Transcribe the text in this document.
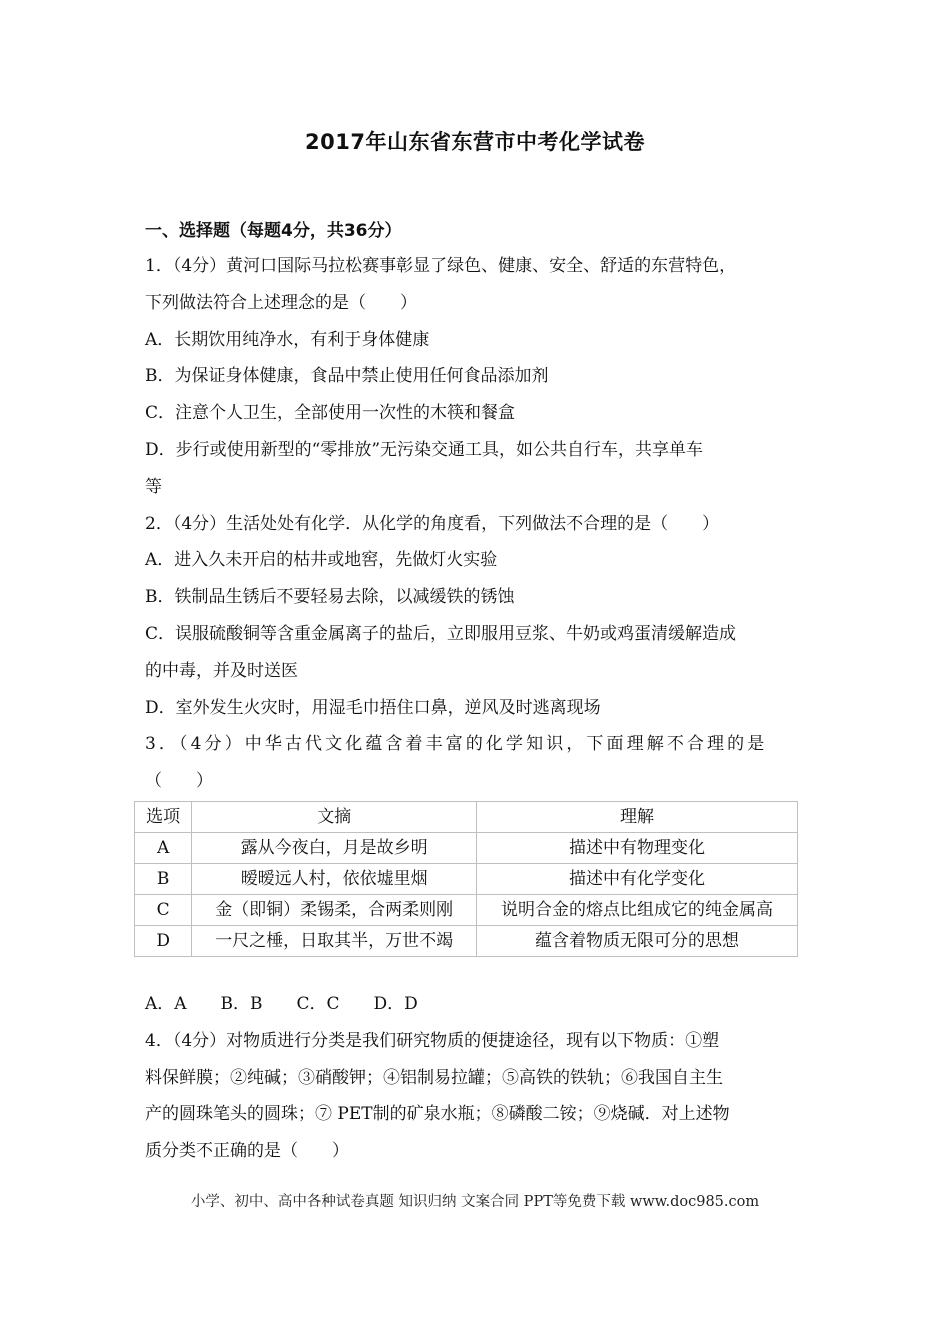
2017年山东省东营市中考化学试卷
一、选择题（每题4分，共36分）
1．（4分）黄河口国际马拉松赛事彰显了绿色、健康、安全、舒适的东营特色，
下列做法符合上述理念的是（　　）
A．长期饮用纯净水，有利于身体健康
B．为保证身体健康，食品中禁止使用任何食品添加剂
C．注意个人卫生，全部使用一次性的木筷和餐盒
D．步行或使用新型的“零排放”无污染交通工具，如公共自行车，共享单车
等
2．（4分）生活处处有化学．从化学的角度看，下列做法不合理的是（　　）
A．进入久未开启的枯井或地窖，先做灯火实验
B．铁制品生锈后不要轻易去除，以减缓铁的锈蚀
C．误服硫酸铜等含重金属离子的盐后，立即服用豆浆、牛奶或鸡蛋清缓解造成
的中毒，并及时送医
D．室外发生火灾时，用湿毛巾捂住口鼻，逆风及时逃离现场
3．（4分）中华古代文化蕴含着丰富的化学知识，下面理解不合理的是
（　　）
选项	文摘	理解
A	露从今夜白，月是故乡明	描述中有物理变化
B	暧暧远人村，依依墟里烟	描述中有化学变化
C	金（即铜）柔锡柔，合两柔则刚	说明合金的熔点比组成它的纯金属高
D	一尺之棰，日取其半，万世不竭	蕴含着物质无限可分的思想
A．A　　B．B　　C．C　　D．D
4．（4分）对物质进行分类是我们研究物质的便捷途径，现有以下物质：①塑
料保鲜膜；②纯碱；③硝酸钾；④铝制易拉罐；⑤高铁的铁轨；⑥我国自主生
产的圆珠笔头的圆珠；⑦ PET制的矿泉水瓶；⑧磷酸二铵；⑨烧碱．对上述物
质分类不正确的是（　　）
小学、初中、高中各种试卷真题 知识归纳 文案合同 PPT等免费下载 www.doc985.com
